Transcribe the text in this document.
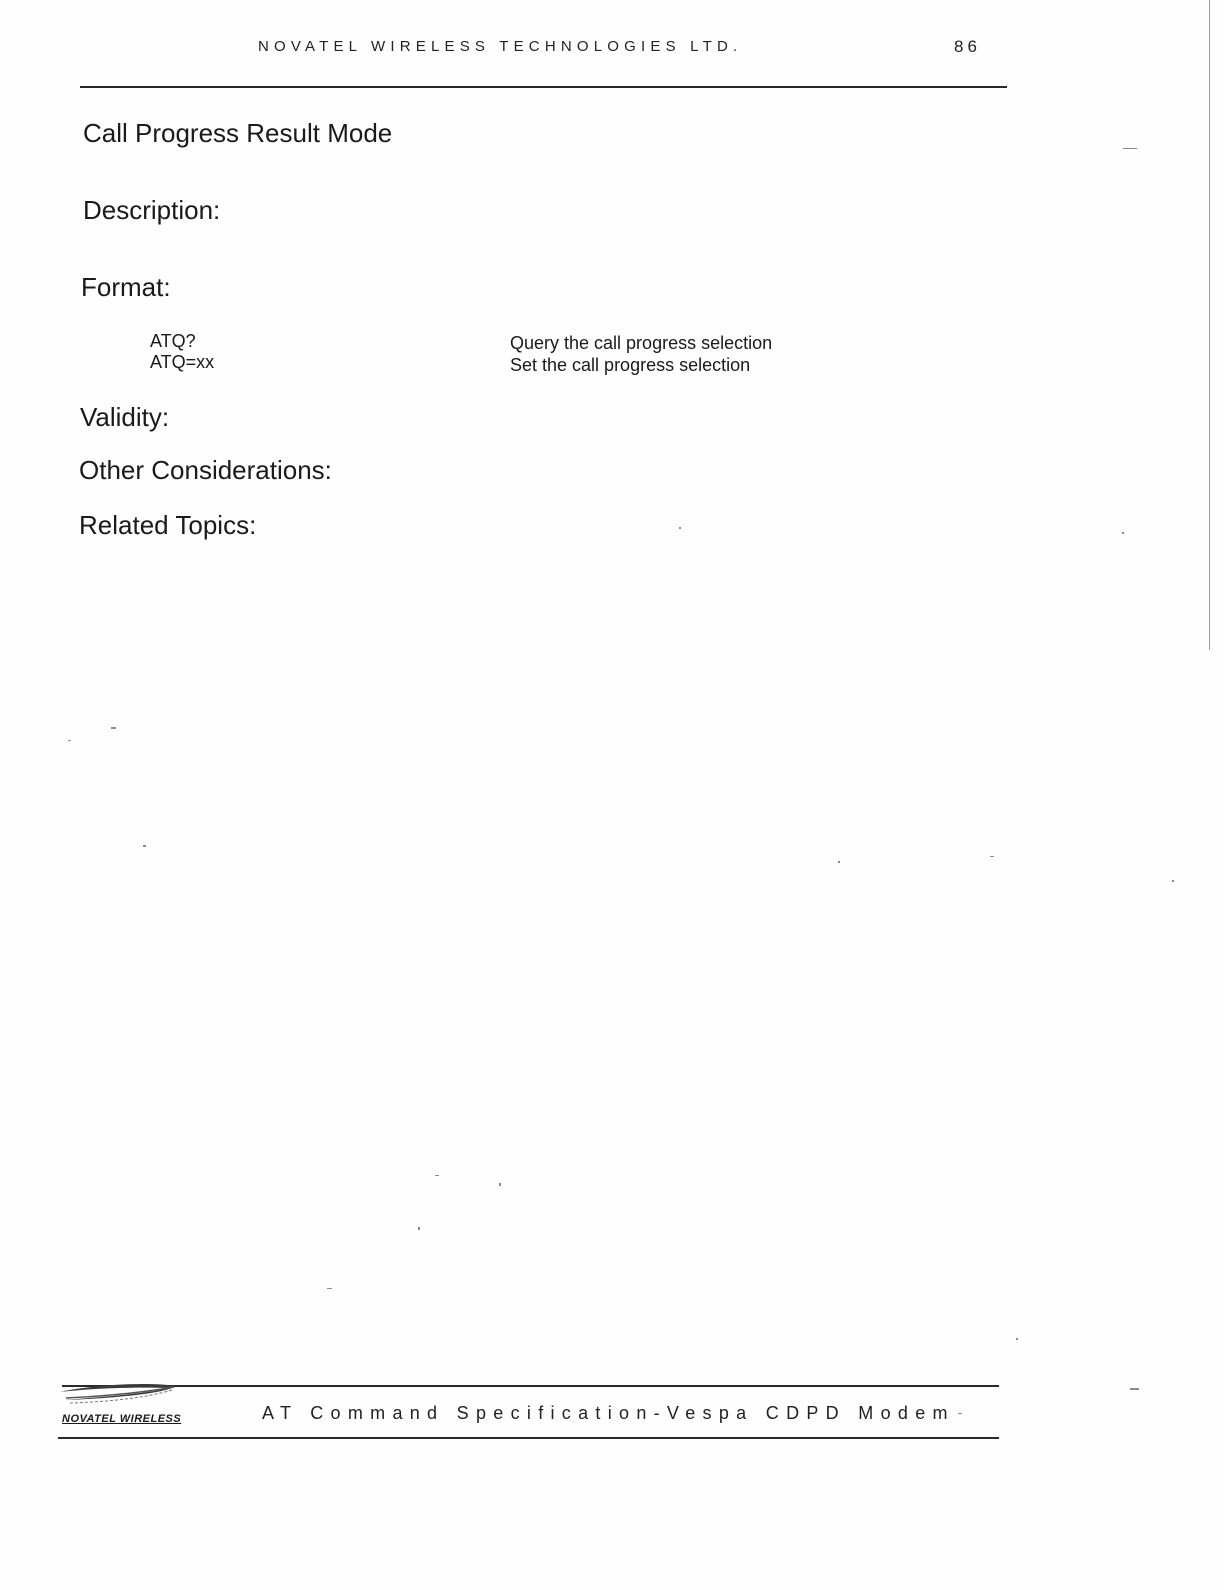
NOVATEL WIRELESS TECHNOLOGIES LTD.	86
Call Progress Result Mode
Description:
Format:
ATQ?
ATQ=xx
Query the call progress selection
Set the call progress selection
Validity:
Other Considerations:
Related Topics:
NOVATEL WIRELESS	AT Command Specification-Vespa CDPD Modem
